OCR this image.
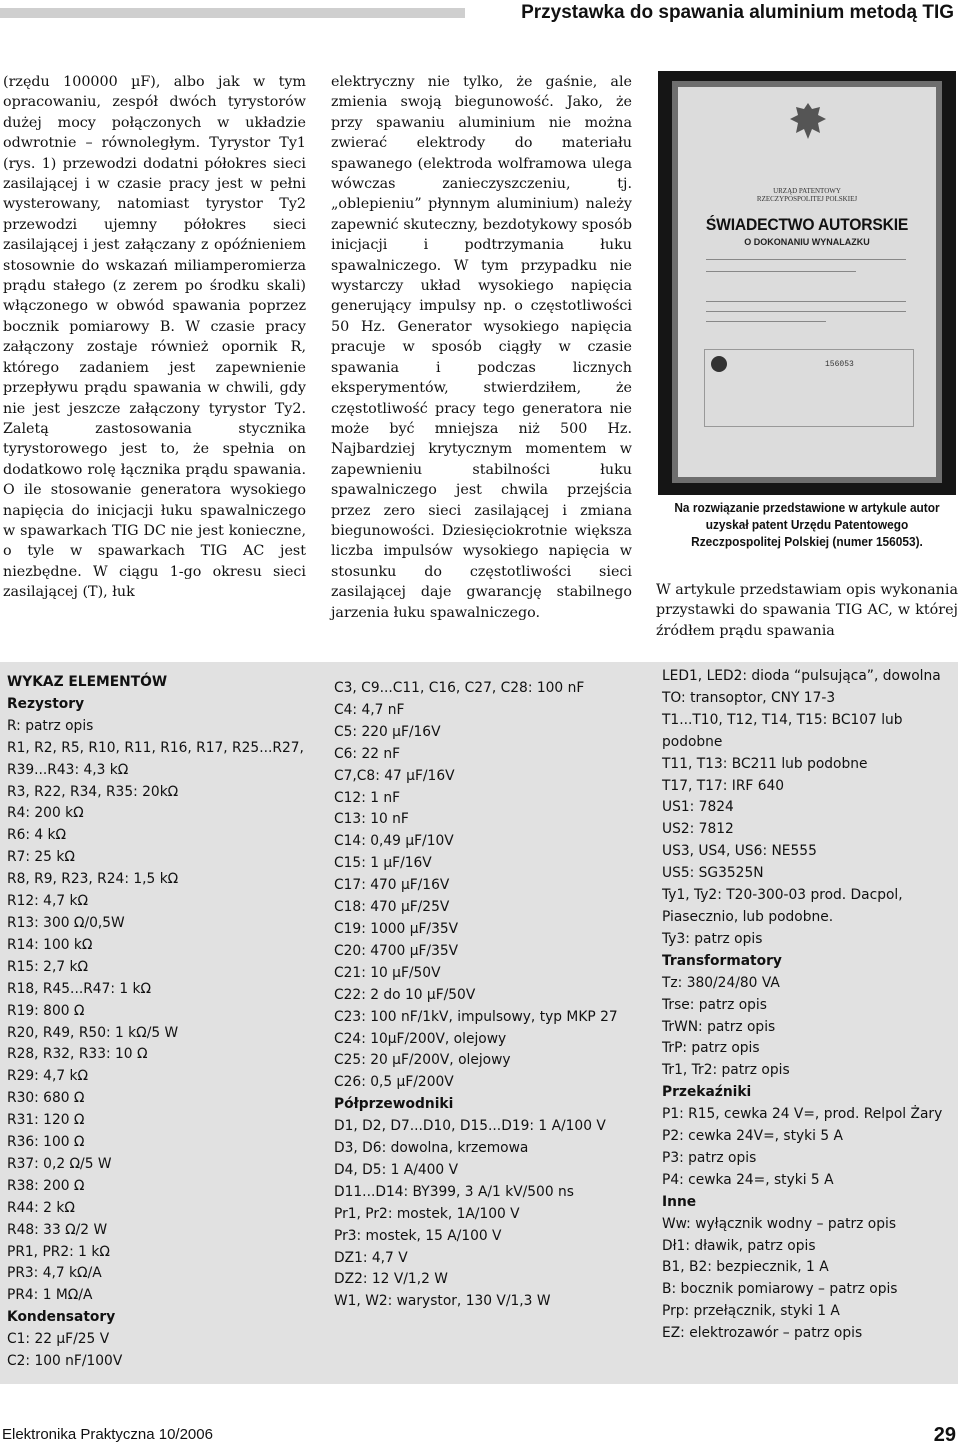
Przystawka do spawania aluminium metodą TIG

(rzędu 100000 µF), albo jak w tym opracowaniu, zespół dwóch tyrystorów dużej mocy połączonych w układzie odwrotnie – równoległym. Tyrystor Ty1 (rys. 1) przewodzi dodatni półokres sieci zasilającej i w czasie pracy jest w pełni wysterowany, natomiast tyrystor Ty2 przewodzi ujemny półokres sieci zasilającej i jest załączany z opóźnieniem stosownie do wskazań miliamperomierza prądu stałego (z zerem po środku skali) włączonego w obwód spawania poprzez bocznik pomiarowy B. W czasie pracy załączony zostaje również opornik R, którego zadaniem jest zapewnienie przepływu prądu spawania w chwili, gdy nie jest jeszcze załączony tyrystor Ty2. Zaletą zastosowania stycznika tyrystorowego jest to, że spełnia on dodatkowo rolę łącznika prądu spawania. O ile stosowanie generatora wysokiego napięcia do inicjacji łuku spawalniczego w spawarkach TIG DC nie jest konieczne, o tyle w spawarkach TIG AC jest niezbędne. W ciągu 1-go okresu sieci zasilającej (T), łuk

elektryczny nie tylko, że gaśnie, ale zmienia swoją biegunowość. Jako, że przy spawaniu aluminium nie można zwierać elektrody do materiału spawanego (elektroda wolframowa ulega wówczas zanieczyszczeniu, tj. „oblepieniu” płynnym aluminium) należy zapewnić skuteczny, bezdotykowy sposób inicjacji i podtrzymania łuku spawalniczego. W tym przypadku nie wystarczy układ wysokiego napięcia generujący impulsy np. o częstotliwości 50 Hz. Generator wysokiego napięcia pracuje w sposób ciągły w czasie spawania i podczas licznych eksperymentów, stwierdziłem, że częstotliwość pracy tego generatora nie może być mniejsza niż 500 Hz. Najbardziej krytycznym momentem w zapewnieniu stabilności łuku spawalniczego jest chwila przejścia przez zero sieci zasilającej i zmiana biegunowości. Dziesięciokrotnie większa liczba impulsów wysokiego napięcia w stosunku do częstotliwości sieci zasilającej daje gwarancję stabilnego jarzenia łuku spawalniczego.

URZĄD PATENTOWY
RZECZYPOSPOLITEJ POLSKIEJ
ŚWIADECTWO AUTORSKIE
O DOKONANIU WYNALAZKU
156053
Na rozwiązanie przedstawione w artykule autor uzyskał patent Urzędu Patentowego Rzeczpospolitej Polskiej (numer 156053).
W artykule przedstawiam opis wykonania przystawki do spawania TIG AC, w której źródłem prądu spawania
WYKAZ ELEMENTÓW
Rezystory
R: patrz opis
R1, R2, R5, R10, R11, R16, R17, R25...R27, R39...R43: 4,3 kΩ
R3, R22, R34, R35: 20kΩ
R4: 200 kΩ
R6: 4 kΩ
R7: 25 kΩ
R8, R9, R23, R24: 1,5 kΩ
R12: 4,7 kΩ
R13: 300 Ω/0,5W
R14: 100 kΩ
R15: 2,7 kΩ
R18, R45...R47: 1 kΩ
R19: 800 Ω
R20, R49, R50: 1 kΩ/5 W
R28, R32, R33: 10 Ω
R29: 4,7 kΩ
R30: 680 Ω
R31: 120 Ω
R36: 100 Ω
R37: 0,2 Ω/5 W
R38: 200 Ω
R44: 2 kΩ
R48: 33 Ω/2 W
PR1, PR2: 1 kΩ
PR3: 4,7 kΩ/A
PR4: 1 MΩ/A
Kondensatory
C1: 22 µF/25 V
C2: 100 nF/100V
C3, C9...C11, C16, C27, C28: 100 nF
C4: 4,7 nF
C5: 220 µF/16V
C6: 22 nF
C7,C8: 47 µF/16V
C12: 1 nF
C13: 10 nF
C14: 0,49 µF/10V
C15: 1 µF/16V
C17: 470 µF/16V
C18: 470 µF/25V
C19: 1000 µF/35V
C20: 4700 µF/35V
C21: 10 µF/50V
C22: 2 do 10 µF/50V
C23: 100 nF/1kV, impulsowy, typ MKP 27
C24: 10µF/200V, olejowy
C25: 20 µF/200V, olejowy
C26: 0,5 µF/200V
Półprzewodniki
D1, D2, D7...D10, D15...D19: 1 A/100 V
D3, D6: dowolna, krzemowa
D4, D5: 1 A/400 V
D11...D14: BY399, 3 A/1 kV/500 ns
Pr1, Pr2: mostek, 1A/100 V
Pr3: mostek, 15 A/100 V
DZ1: 4,7 V
DZ2: 12 V/1,2 W
W1, W2: warystor, 130 V/1,3 W
LED1, LED2: dioda “pulsująca”, dowolna
TO: transoptor, CNY 17-3
T1...T10, T12, T14, T15: BC107 lub podobne
T11, T13: BC211 lub podobne
T17, T17: IRF 640
US1: 7824
US2: 7812
US3, US4, US6: NE555
US5: SG3525N
Ty1, Ty2: T20-300-03 prod. Dacpol, Piasecznio, lub podobne.
Ty3: patrz opis
Transformatory
Tz: 380/24/80 VA
Trse: patrz opis
TrWN: patrz opis
TrP: patrz opis
Tr1, Tr2: patrz opis
Przekaźniki
P1: R15, cewka 24 V=, prod. Relpol Żary
P2: cewka 24V=, styki 5 A
P3: patrz opis
P4: cewka 24=, styki 5 A
Inne
Ww: wyłącznik wodny – patrz opis
Dł1: dławik, patrz opis
B1, B2: bezpiecznik, 1 A
B: bocznik pomiarowy – patrz opis
Prp: przełącznik, styki 1 A
EZ: elektrozawór – patrz opis
Elektronika Praktyczna 10/2006	29
